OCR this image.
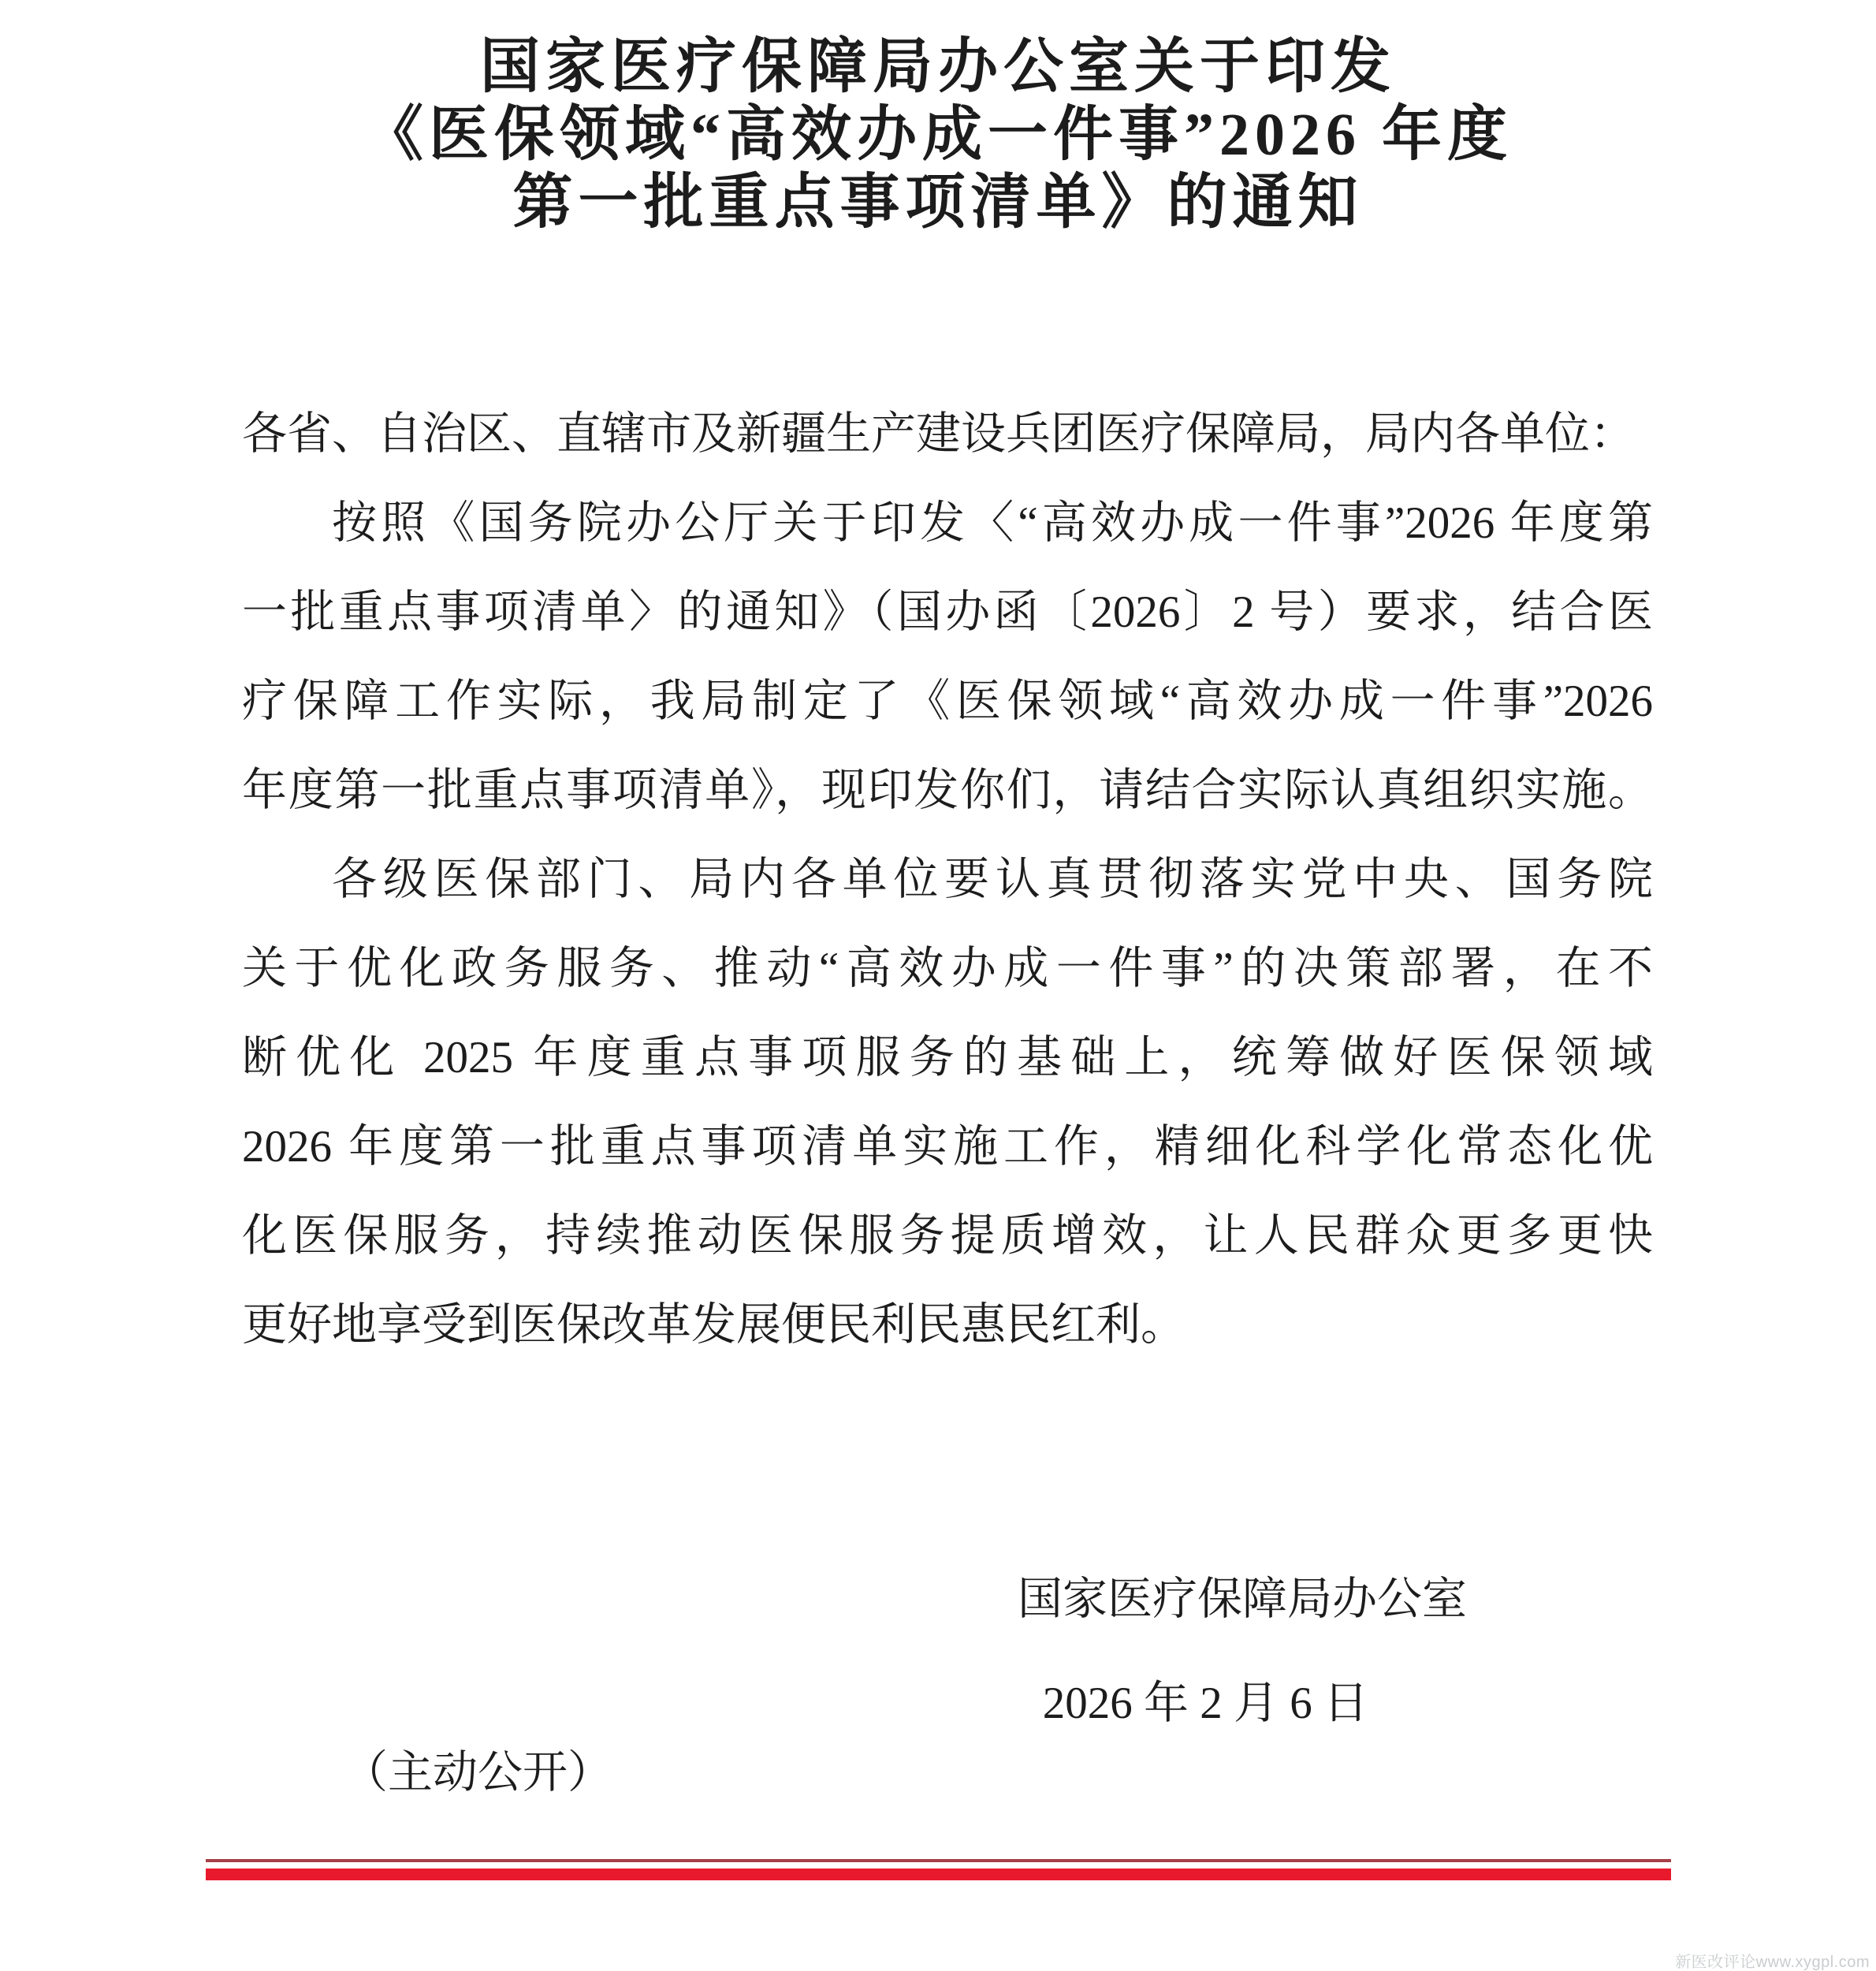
国家医疗保障局办公室关于印发
《医保领域“高效办成一件事”2026 年度
第一批重点事项清单》的通知
各省、自治区、直辖市及新疆生产建设兵团医疗保障局，局内各单位：
按照《国务院办公厅关于印发〈“高效办成一件事”2026 年度第
一批重点事项清单〉的通知》（国办函〔2026〕2 号）要求，结合医
疗保障工作实际，我局制定了《医保领域“高效办成一件事”2026
年度第一批重点事项清单》，现印发你们，请结合实际认真组织实施。
各级医保部门、局内各单位要认真贯彻落实党中央、国务院
关于优化政务服务、推动“高效办成一件事”的决策部署，在不
断优化 2025 年度重点事项服务的基础上，统筹做好医保领域
2026 年度第一批重点事项清单实施工作，精细化科学化常态化优
化医保服务，持续推动医保服务提质增效，让人民群众更多更快
更好地享受到医保改革发展便民利民惠民红利。
国家医疗保障局办公室
2026 年 2 月 6 日
（主动公开）
新医改评论www.xygpl.com
